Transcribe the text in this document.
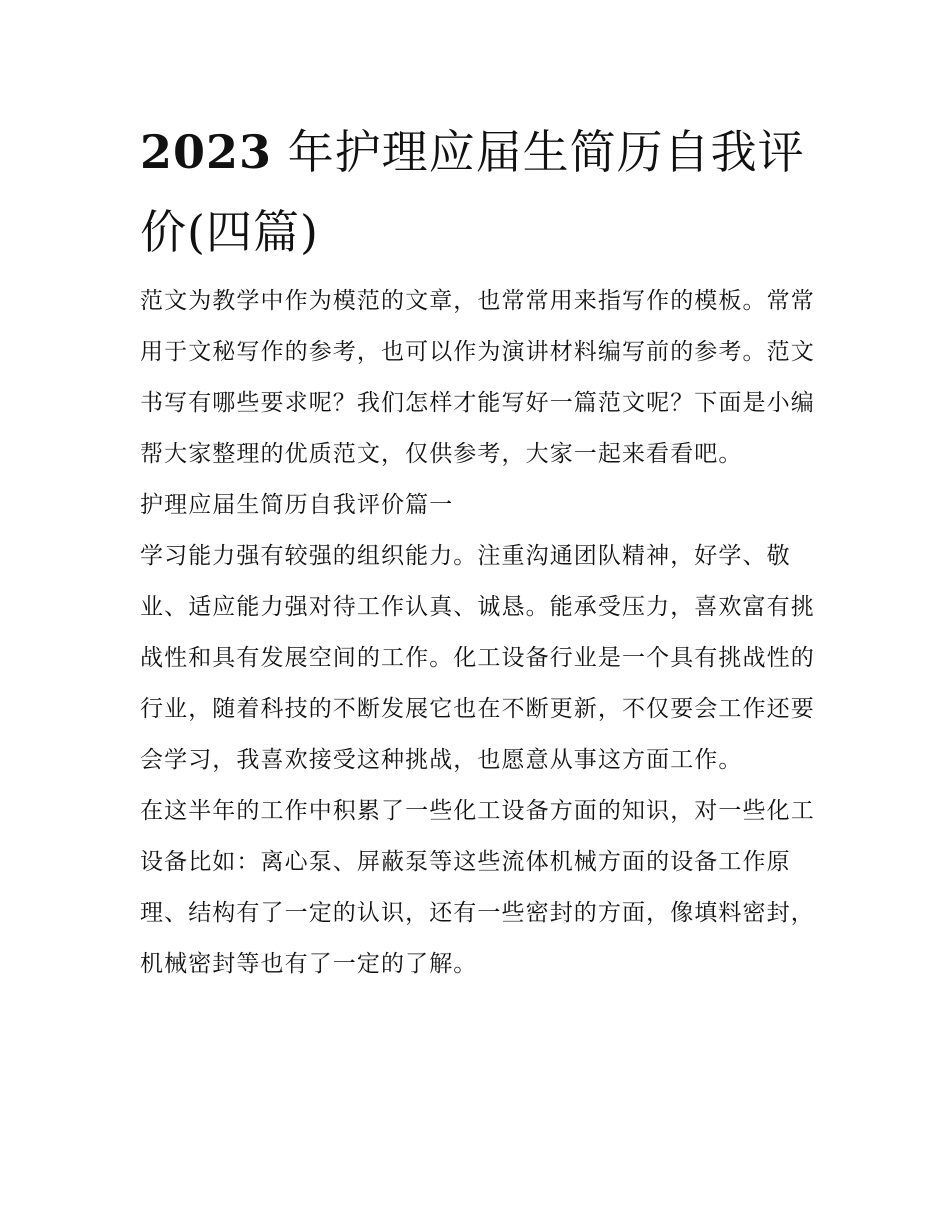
2023 年护理应届生简历自我评价(四篇)

范文为教学中作为模范的文章，也常常用来指写作的模板。常常用于文秘写作的参考，也可以作为演讲材料编写前的参考。范文书写有哪些要求呢？我们怎样才能写好一篇范文呢？下面是小编帮大家整理的优质范文，仅供参考，大家一起来看看吧。

护理应届生简历自我评价篇一

学习能力强有较强的组织能力。注重沟通团队精神，好学、敬业、适应能力强对待工作认真、诚恳。能承受压力，喜欢富有挑战性和具有发展空间的工作。化工设备行业是一个具有挑战性的行业，随着科技的不断发展它也在不断更新，不仅要会工作还要会学习，我喜欢接受这种挑战，也愿意从事这方面工作。

在这半年的工作中积累了一些化工设备方面的知识，对一些化工设备比如：离心泵、屏蔽泵等这些流体机械方面的设备工作原理、结构有了一定的认识，还有一些密封的方面，像填料密封，机械密封等也有了一定的了解。
